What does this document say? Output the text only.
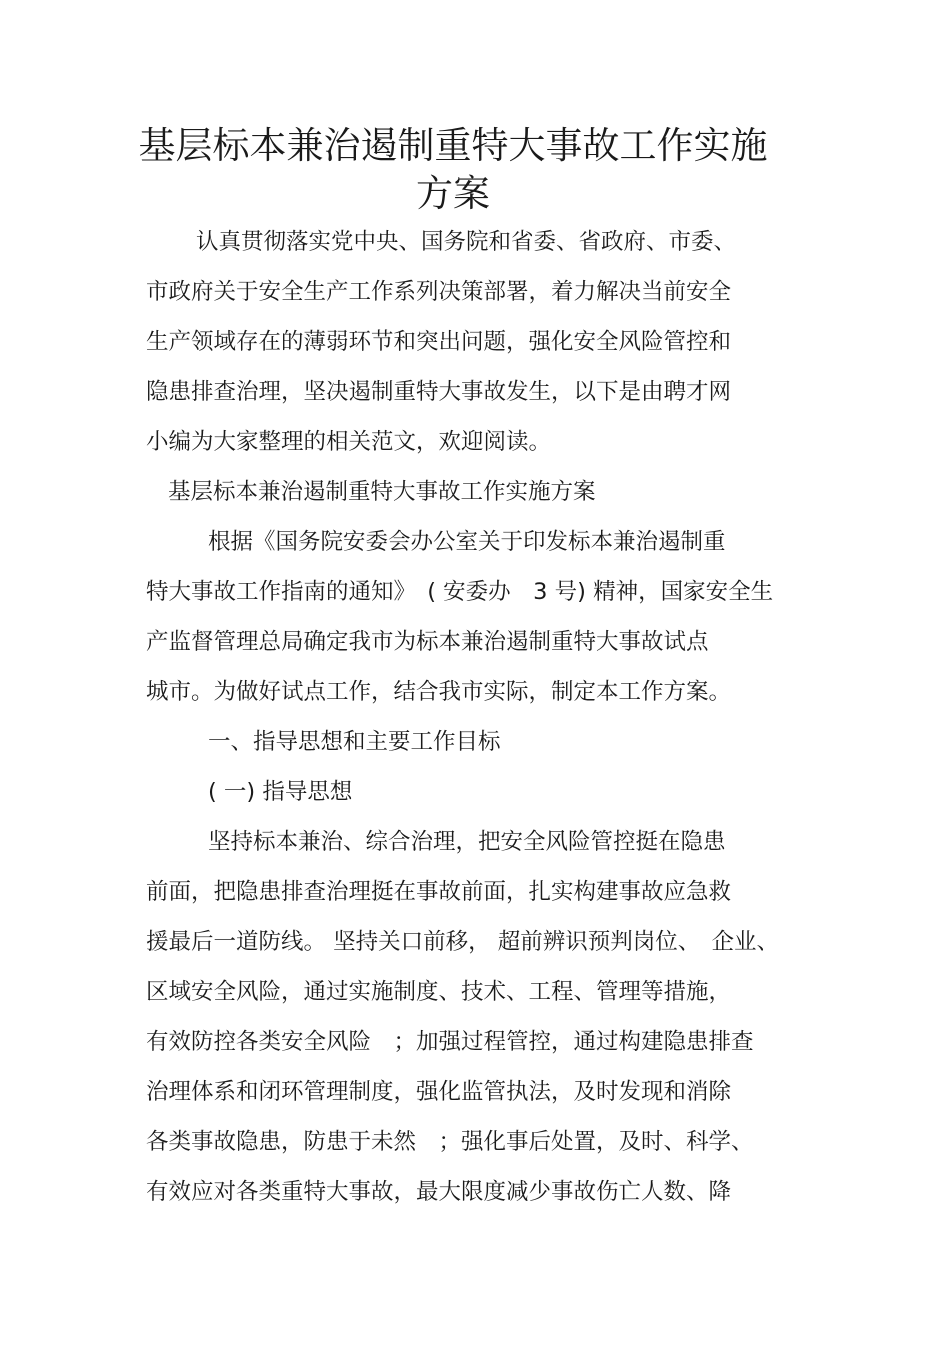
基层标本兼治遏制重特大事故工作实施
方案

认真贯彻落实党中央、国务院和省委、省政府、市委、

市政府关于安全生产工作系列决策部署，着力解决当前安全

生产领域存在的薄弱环节和突出问题，强化安全风险管控和

隐患排查治理，坚决遏制重特大事故发生，以下是由聘才网

小编为大家整理的相关范文，欢迎阅读。

基层标本兼治遏制重特大事故工作实施方案

根据《国务院安委会办公室关于印发标本兼治遏制重

特大事故工作指南的通知》　( 安委办　3 号) 精神，国家安全生

产监督管理总局确定我市为标本兼治遏制重特大事故试点

城市。为做好试点工作，结合我市实际，制定本工作方案。

一、指导思想和主要工作目标

( 一) 指导思想

坚持标本兼治、综合治理，把安全风险管控挺在隐患

前面，把隐患排查治理挺在事故前面，扎实构建事故应急救

援最后一道防线。 坚持关口前移， 超前辨识预判岗位、　企业、

区域安全风险，通过实施制度、技术、工程、管理等措施，

有效防控各类安全风险　；加强过程管控，通过构建隐患排查

治理体系和闭环管理制度，强化监管执法，及时发现和消除

各类事故隐患，防患于未然　；强化事后处置，及时、科学、

有效应对各类重特大事故，最大限度减少事故伤亡人数、降
